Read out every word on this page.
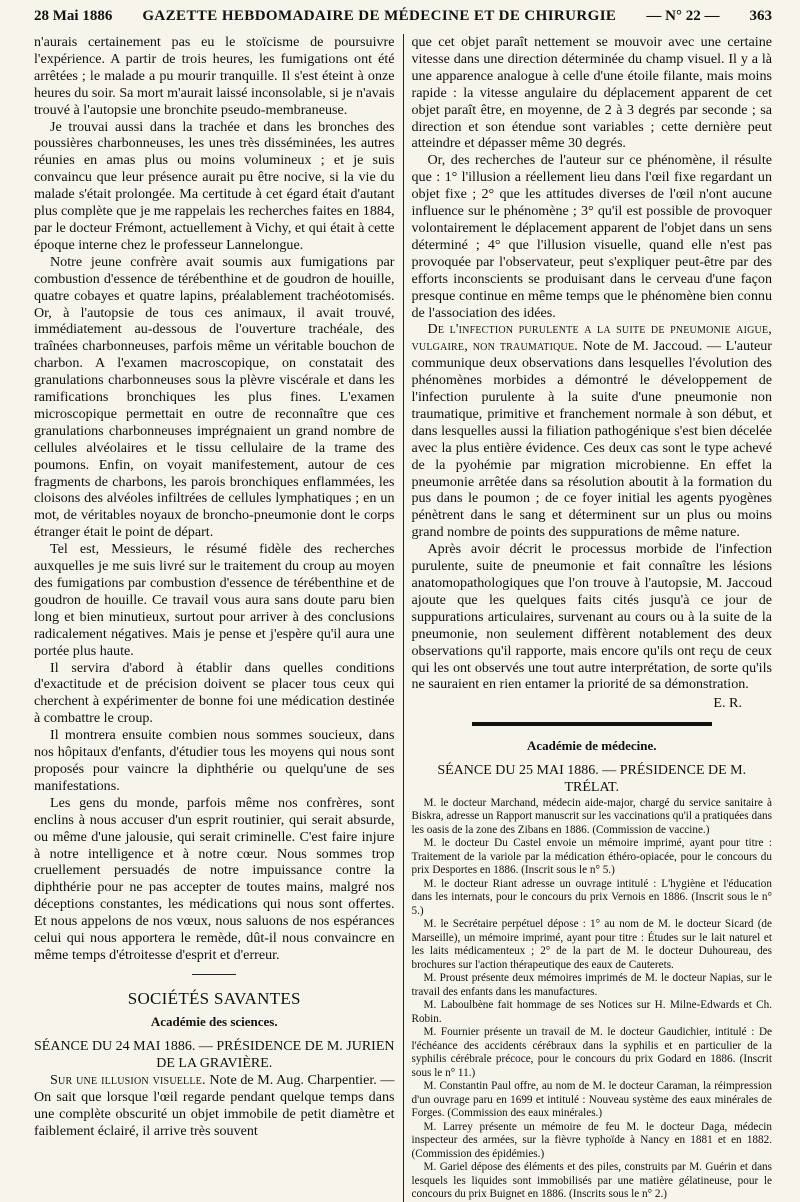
28 Mai 1886 GAZETTE HEBDOMADAIRE DE MÉDECINE ET DE CHIRURGIE — N° 22 — 363

n'aurais certainement pas eu le stoïcisme de poursuivre l'expérience. A partir de trois heures, les fumigations ont été arrêtées ; le malade a pu mourir tranquille. Il s'est éteint à onze heures du soir. Sa mort m'aurait laissé inconsolable, si je n'avais trouvé à l'autopsie une bronchite pseudo-membraneuse.

Je trouvai aussi dans la trachée et dans les bronches des poussières charbonneuses, les unes très disséminées, les autres réunies en amas plus ou moins volumineux ; et je suis convaincu que leur présence aurait pu être nocive, si la vie du malade s'était prolongée. Ma certitude à cet égard était d'autant plus complète que je me rappelais les recherches faites en 1884, par le docteur Frémont, actuellement à Vichy, et qui était à cette époque interne chez le professeur Lannelongue.

Notre jeune confrère avait soumis aux fumigations par combustion d'essence de térébenthine et de goudron de houille, quatre cobayes et quatre lapins, préalablement trachéotomisés. Or, à l'autopsie de tous ces animaux, il avait trouvé, immédiatement au-dessous de l'ouverture trachéale, des traînées charbonneuses, parfois même un véritable bouchon de charbon. A l'examen macroscopique, on constatait des granulations charbonneuses sous la plèvre viscérale et dans les ramifications bronchiques les plus fines. L'examen microscopique permettait en outre de reconnaître que ces granulations charbonneuses imprégnaient un grand nombre de cellules alvéolaires et le tissu cellulaire de la trame des poumons. Enfin, on voyait manifestement, autour de ces fragments de charbons, les parois bronchiques enflammées, les cloisons des alvéoles infiltrées de cellules lymphatiques ; en un mot, de véritables noyaux de broncho-pneumonie dont le corps étranger était le point de départ.

Tel est, Messieurs, le résumé fidèle des recherches auxquelles je me suis livré sur le traitement du croup au moyen des fumigations par combustion d'essence de térébenthine et de goudron de houille. Ce travail vous aura sans doute paru bien long et bien minutieux, surtout pour arriver à des conclusions radicalement négatives. Mais je pense et j'espère qu'il aura une portée plus haute.

Il servira d'abord à établir dans quelles conditions d'exactitude et de précision doivent se placer tous ceux qui cherchent à expérimenter de bonne foi une médication destinée à combattre le croup.

Il montrera ensuite combien nous sommes soucieux, dans nos hôpitaux d'enfants, d'étudier tous les moyens qui nous sont proposés pour vaincre la diphthérie ou quelqu'une de ses manifestations.

Les gens du monde, parfois même nos confrères, sont enclins à nous accuser d'un esprit routinier, qui serait absurde, ou même d'une jalousie, qui serait criminelle. C'est faire injure à notre intelligence et à notre cœur. Nous sommes trop cruellement persuadés de notre impuissance contre la diphthérie pour ne pas accepter de toutes mains, malgré nos déceptions constantes, les médications qui nous sont offertes. Et nous appelons de nos vœux, nous saluons de nos espérances celui qui nous apportera le remède, dût-il nous convaincre en même temps d'étroitesse d'esprit et d'erreur.

SOCIÉTÉS SAVANTES
Académie des sciences.

SÉANCE DU 24 MAI 1886. — PRÉSIDENCE DE M. JURIEN DE LA GRAVIÈRE.

Sur une illusion visuelle. Note de M. Aug. Charpentier. — On sait que lorsque l'œil regarde pendant quelque temps dans une complète obscurité un objet immobile de petit diamètre et faiblement éclairé, il arrive très souvent

que cet objet paraît nettement se mouvoir avec une certaine vitesse dans une direction déterminée du champ visuel. Il y a là une apparence analogue à celle d'une étoile filante, mais moins rapide : la vitesse angulaire du déplacement apparent de cet objet paraît être, en moyenne, de 2 à 3 degrés par seconde ; sa direction et son étendue sont variables ; cette dernière peut atteindre et dépasser même 30 degrés.

Or, des recherches de l'auteur sur ce phénomène, il résulte que : 1° l'illusion a réellement lieu dans l'œil fixe regardant un objet fixe ; 2° que les attitudes diverses de l'œil n'ont aucune influence sur le phénomène ; 3° qu'il est possible de provoquer volontairement le déplacement apparent de l'objet dans un sens déterminé ; 4° que l'illusion visuelle, quand elle n'est pas provoquée par l'observateur, peut s'expliquer peut-être par des efforts inconscients se produisant dans le cerveau d'une façon presque continue en même temps que le phénomène bien connu de l'association des idées.

De l'infection purulente a la suite de pneumonie aigue, vulgaire, non traumatique. Note de M. Jaccoud. — L'auteur communique deux observations dans lesquelles l'évolution des phénomènes morbides a démontré le développement de l'infection purulente à la suite d'une pneumonie non traumatique, primitive et franchement normale à son début, et dans lesquelles aussi la filiation pathogénique s'est bien décelée avec la plus entière évidence. Ces deux cas sont le type achevé de la pyohémie par migration microbienne. En effet la pneumonie arrêtée dans sa résolution aboutit à la formation du pus dans le poumon ; de ce foyer initial les agents pyogènes pénètrent dans le sang et déterminent sur un plus ou moins grand nombre de points des suppurations de même nature.

Après avoir décrit le processus morbide de l'infection purulente, suite de pneumonie et fait connaître les lésions anatomopathologiques que l'on trouve à l'autopsie, M. Jaccoud ajoute que les quelques faits cités jusqu'à ce jour de suppurations articulaires, survenant au cours ou à la suite de la pneumonie, non seulement diffèrent notablement des deux observations qu'il rapporte, mais encore qu'ils ont reçu de ceux qui les ont observés une tout autre interprétation, de sorte qu'ils ne sauraient en rien entamer la priorité de sa démonstration.

E. R.
Académie de médecine.

SÉANCE DU 25 MAI 1886. — PRÉSIDENCE DE M. TRÉLAT.

M. le docteur Marchand, médecin aide-major, chargé du service sanitaire à Biskra, adresse un Rapport manuscrit sur les vaccinations qu'il a pratiquées dans les oasis de la zone des Zibans en 1886. (Commission de vaccine.)

M. le docteur Du Castel envoie un mémoire imprimé, ayant pour titre : Traitement de la variole par la médication éthéro-opiacée, pour le concours du prix Desportes en 1886. (Inscrit sous le n° 5.)

M. le docteur Riant adresse un ouvrage intitulé : L'hygiène et l'éducation dans les internats, pour le concours du prix Vernois en 1886. (Inscrit sous le n° 5.)

M. le Secrétaire perpétuel dépose : 1° au nom de M. le docteur Sicard (de Marseille), un mémoire imprimé, ayant pour titre : Études sur le lait naturel et les laits médicamenteux ; 2° de la part de M. le docteur Duhoureau, des brochures sur l'action thérapeutique des eaux de Cauterets.

M. Proust présente deux mémoires imprimés de M. le docteur Napias, sur le travail des enfants dans les manufactures.

M. Laboulbène fait hommage de ses Notices sur H. Milne-Edwards et Ch. Robin.

M. Fournier présente un travail de M. le docteur Gaudichier, intitulé : De l'échéance des accidents cérébraux dans la syphilis et en particulier de la syphilis cérébrale précoce, pour le concours du prix Godard en 1886. (Inscrit sous le n° 11.)

M. Constantin Paul offre, au nom de M. le docteur Caraman, la réimpression d'un ouvrage paru en 1699 et intitulé : Nouveau système des eaux minérales de Forges. (Commission des eaux minérales.)

M. Larrey présente un mémoire de feu M. le docteur Daga, médecin inspecteur des armées, sur la fièvre typhoïde à Nancy en 1881 et en 1882. (Commission des épidémies.)

M. Gariel dépose des éléments et des piles, construits par M. Guérin et dans lesquels les liquides sont immobilisés par une matière gélatineuse, pour le concours du prix Buignet en 1886. (Inscrits sous le n° 2.)
